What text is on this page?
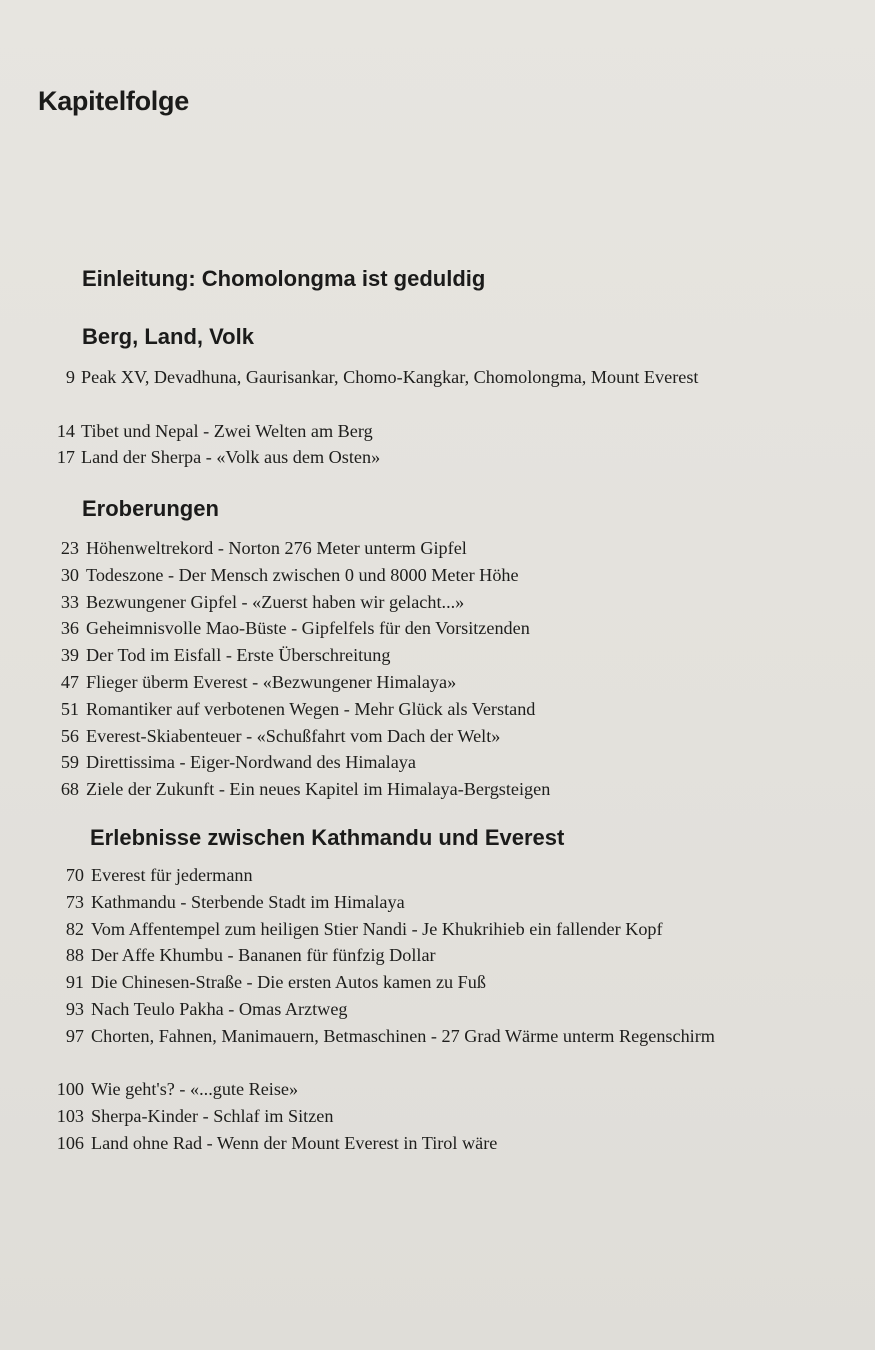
Kapitelfolge
Einleitung: Chomolongma ist geduldig
Berg, Land, Volk
9 Peak XV, Devadhuna, Gaurisankar, Chomo-Kangkar, Chomolongma, Mount Everest
14 Tibet und Nepal - Zwei Welten am Berg
17 Land der Sherpa - «Volk aus dem Osten»
Eroberungen
23 Höhenweltrekord - Norton 276 Meter unterm Gipfel
30 Todeszone - Der Mensch zwischen 0 und 8000 Meter Höhe
33 Bezwungener Gipfel - «Zuerst haben wir gelacht...»
36 Geheimnisvolle Mao-Büste - Gipfelfels für den Vorsitzenden
39 Der Tod im Eisfall - Erste Überschreitung
47 Flieger überm Everest - «Bezwungener Himalaya»
51 Romantiker auf verbotenen Wegen - Mehr Glück als Verstand
56 Everest-Skiabenteuer - «Schußfahrt vom Dach der Welt»
59 Direttissima - Eiger-Nordwand des Himalaya
68 Ziele der Zukunft - Ein neues Kapitel im Himalaya-Bergsteigen
Erlebnisse zwischen Kathmandu und Everest
70 Everest für jedermann
73 Kathmandu - Sterbende Stadt im Himalaya
82 Vom Affentempel zum heiligen Stier Nandi - Je Khukrihieb ein fallender Kopf
88 Der Affe Khumbu - Bananen für fünfzig Dollar
91 Die Chinesen-Straße - Die ersten Autos kamen zu Fuß
93 Nach Teulo Pakha - Omas Arztweg
97 Chorten, Fahnen, Manimauern, Betmaschinen - 27 Grad Wärme unterm Regenschirm
100 Wie geht's? - «...gute Reise»
103 Sherpa-Kinder - Schlaf im Sitzen
106 Land ohne Rad - Wenn der Mount Everest in Tirol wäre
